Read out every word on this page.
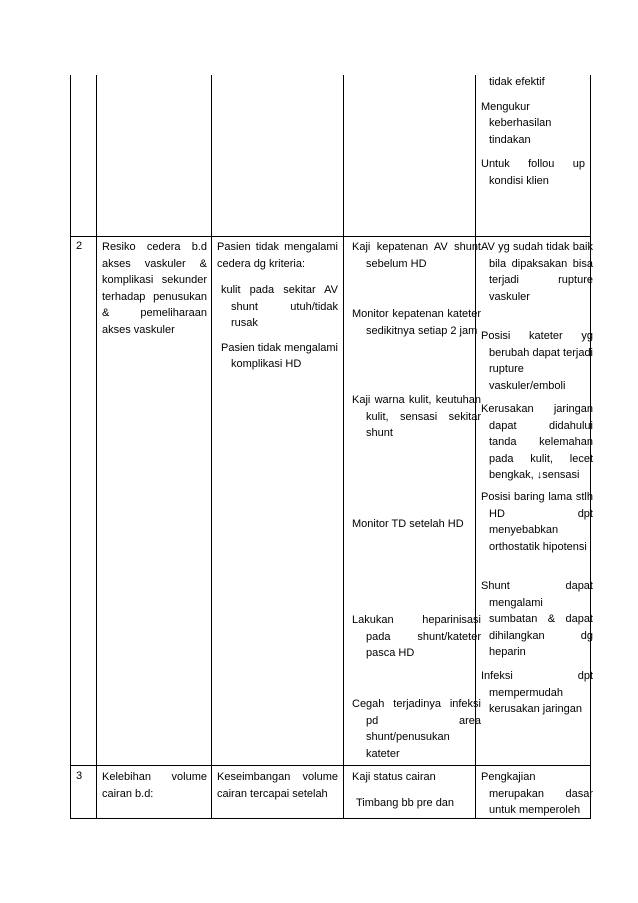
tidak efektif

Mengukur keberhasilan tindakan

Untuk follou up kondisi klien

2 Resiko cedera b.d akses vaskuler & komplikasi sekunder terhadap penusukan & pemeliharaan akses vaskuler

Pasien tidak mengalami cedera dg kriteria:

kulit pada sekitar AV shunt utuh/tidak rusak

Pasien tidak mengalami komplikasi HD

Kaji kepatenan AV shunt sebelum HD
Monitor kepatenan kateter sedikitnya setiap 2 jam
Kaji warna kulit, keutuhan kulit, sensasi sekitar shunt
Monitor TD setelah HD
Lakukan heparinisasi pada shunt/kateter pasca HD
Cegah terjadinya infeksi pd area shunt/penusukan kateter
AV yg sudah tidak baik bila dipaksakan bisa terjadi rupture vaskuler
Posisi kateter yg berubah dapat terjadi rupture vaskuler/emboli
Kerusakan jaringan dapat didahului tanda kelemahan pada kulit, lecet bengkak, ↓sensasi
Posisi baring lama stlh HD dpt menyebabkan orthostatik hipotensi
Shunt dapat mengalami sumbatan & dapat dihilangkan dg heparin
Infeksi dpt mempermudah kerusakan jaringan
3 Kelebihan volume cairan b.d:
Keseimbangan volume cairan tercapai setelah
Kaji status cairan
Timbang bb pre dan
Pengkajian merupakan dasar untuk memperoleh
